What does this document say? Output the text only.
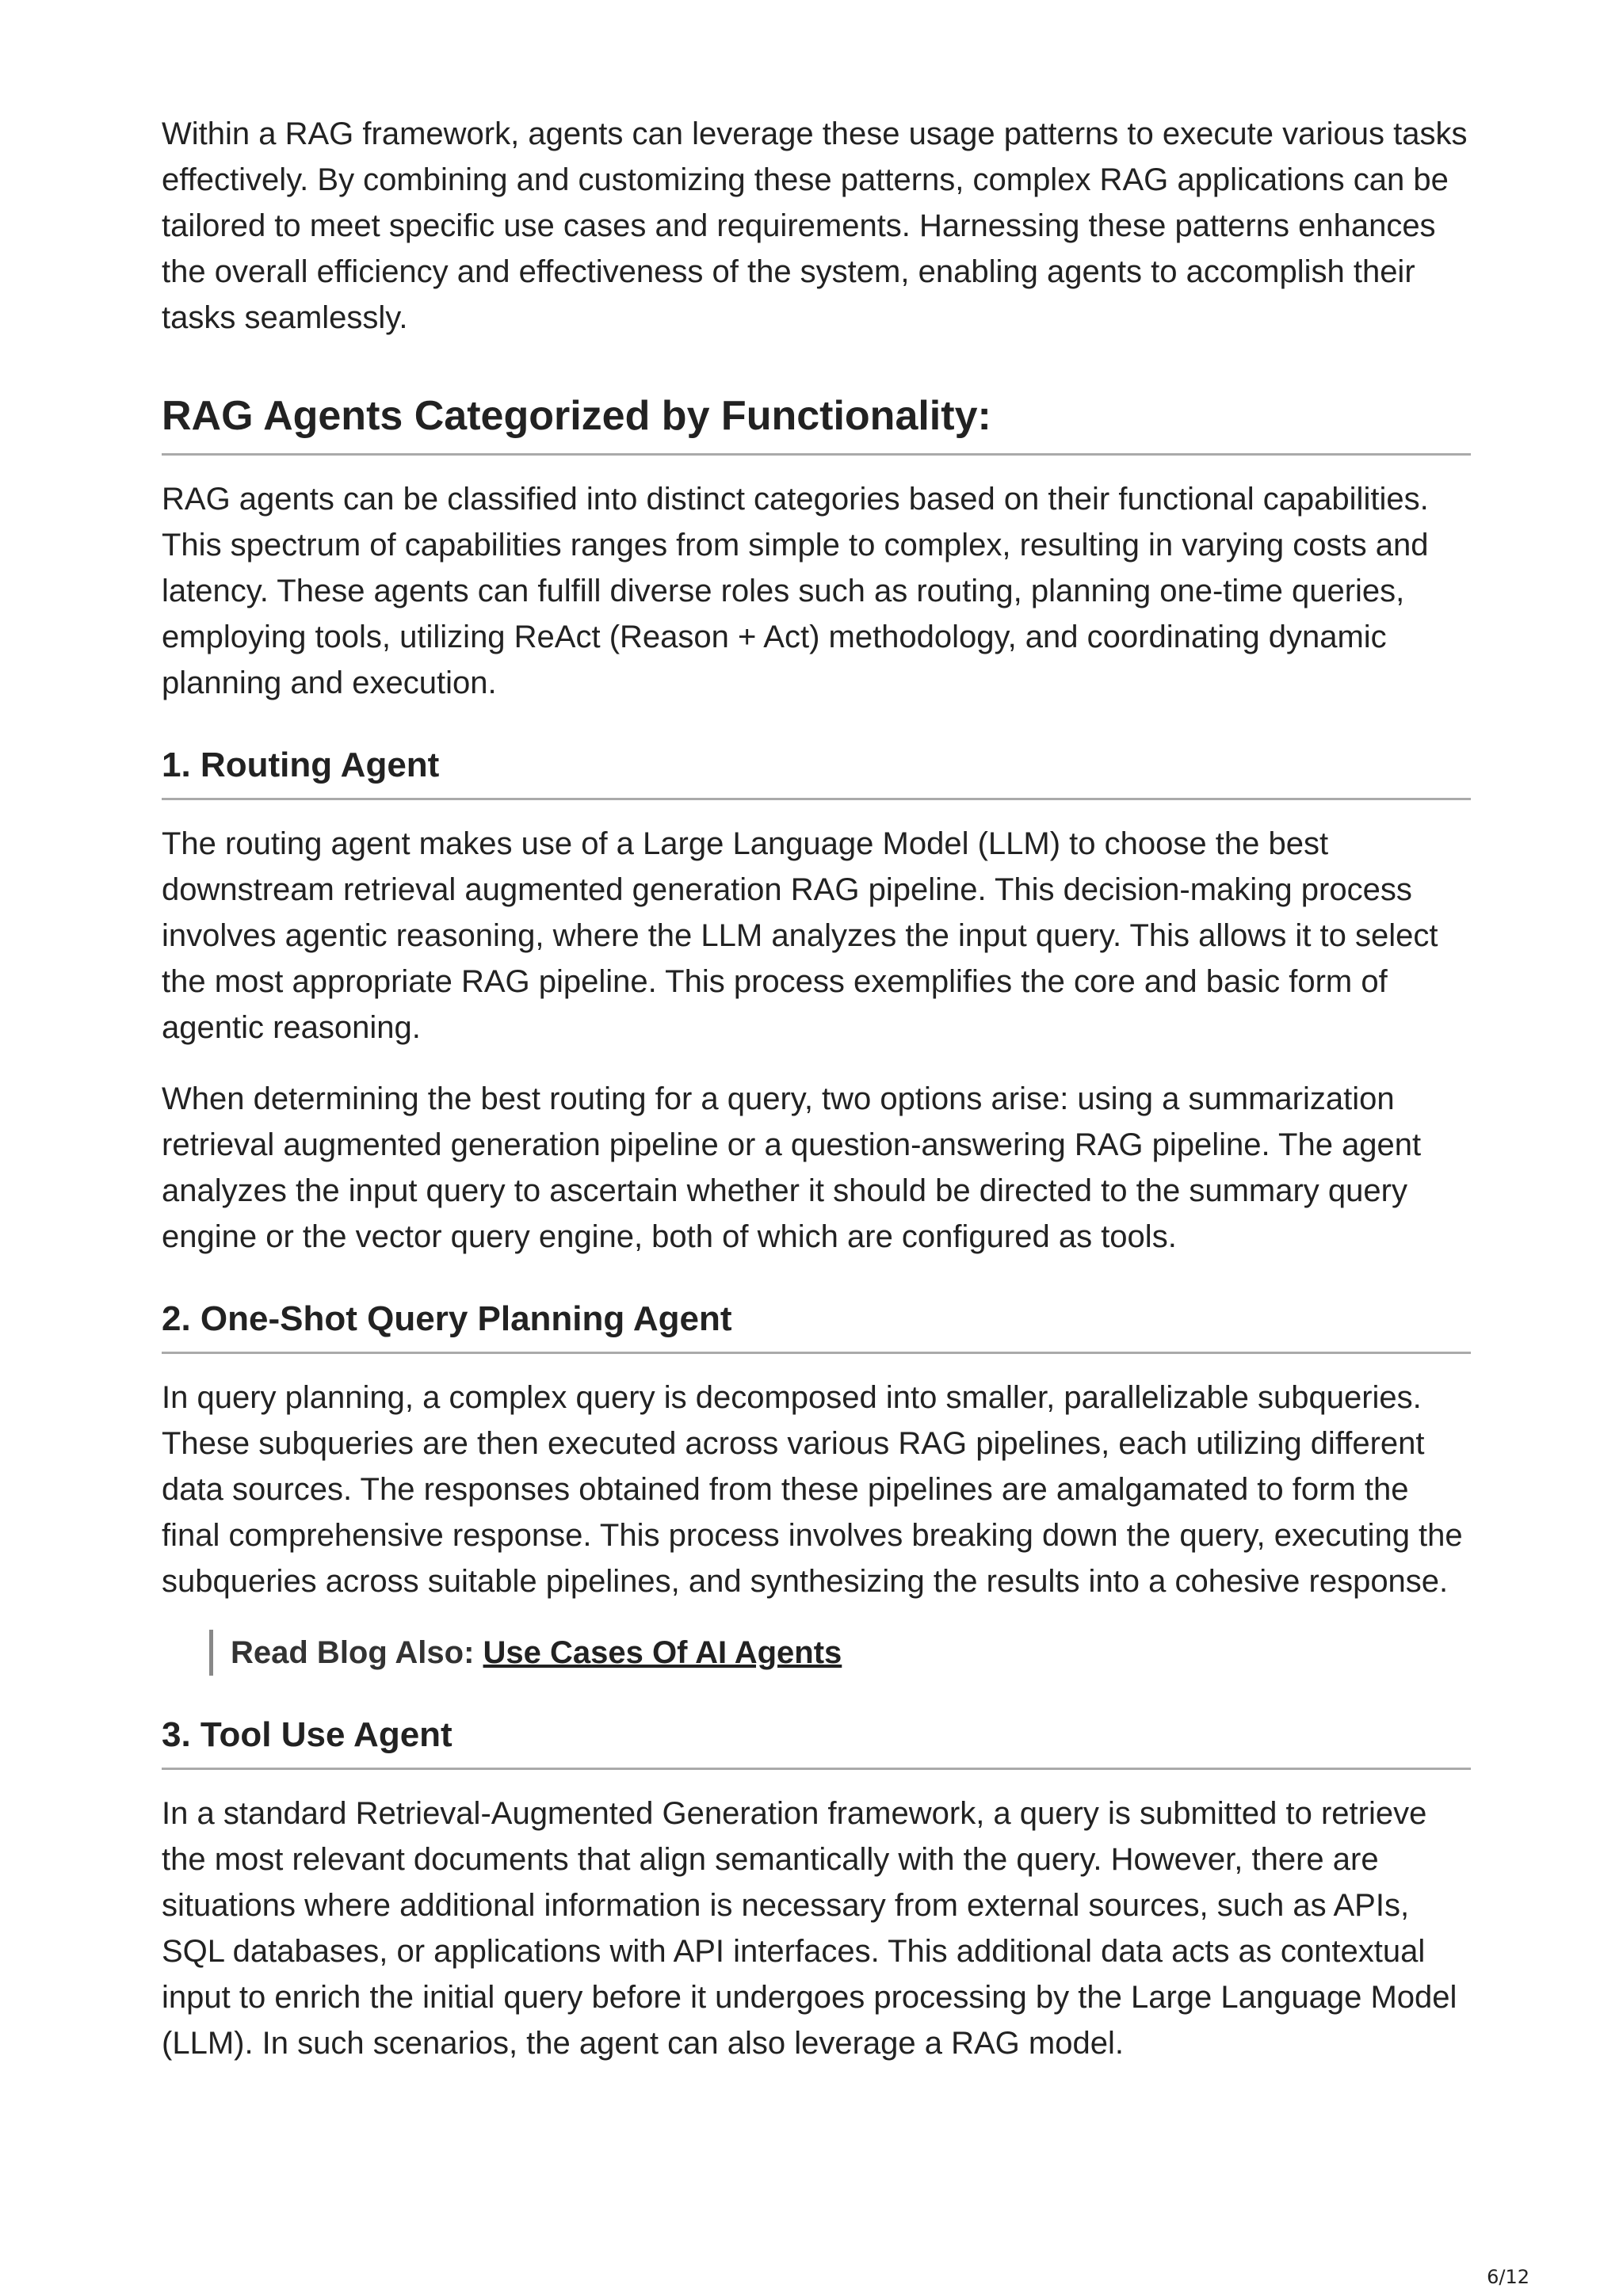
Within a RAG framework, agents can leverage these usage patterns to execute various tasks effectively. By combining and customizing these patterns, complex RAG applications can be tailored to meet specific use cases and requirements. Harnessing these patterns enhances the overall efficiency and effectiveness of the system, enabling agents to accomplish their tasks seamlessly.

RAG Agents Categorized by Functionality:

RAG agents can be classified into distinct categories based on their functional capabilities. This spectrum of capabilities ranges from simple to complex, resulting in varying costs and latency. These agents can fulfill diverse roles such as routing, planning one-time queries, employing tools, utilizing ReAct (Reason + Act) methodology, and coordinating dynamic planning and execution.

1. Routing Agent

The routing agent makes use of a Large Language Model (LLM) to choose the best downstream retrieval augmented generation RAG pipeline. This decision-making process involves agentic reasoning, where the LLM analyzes the input query. This allows it to select the most appropriate RAG pipeline. This process exemplifies the core and basic form of agentic reasoning.

When determining the best routing for a query, two options arise: using a summarization retrieval augmented generation pipeline or a question-answering RAG pipeline. The agent analyzes the input query to ascertain whether it should be directed to the summary query engine or the vector query engine, both of which are configured as tools.

2. One-Shot Query Planning Agent

In query planning, a complex query is decomposed into smaller, parallelizable subqueries. These subqueries are then executed across various RAG pipelines, each utilizing different data sources. The responses obtained from these pipelines are amalgamated to form the final comprehensive response. This process involves breaking down the query, executing the subqueries across suitable pipelines, and synthesizing the results into a cohesive response.

Read Blog Also: Use Cases Of AI Agents
3. Tool Use Agent

In a standard Retrieval-Augmented Generation framework, a query is submitted to retrieve the most relevant documents that align semantically with the query. However, there are situations where additional information is necessary from external sources, such as APIs, SQL databases, or applications with API interfaces. This additional data acts as contextual input to enrich the initial query before it undergoes processing by the Large Language Model (LLM). In such scenarios, the agent can also leverage a RAG model.

6/12
